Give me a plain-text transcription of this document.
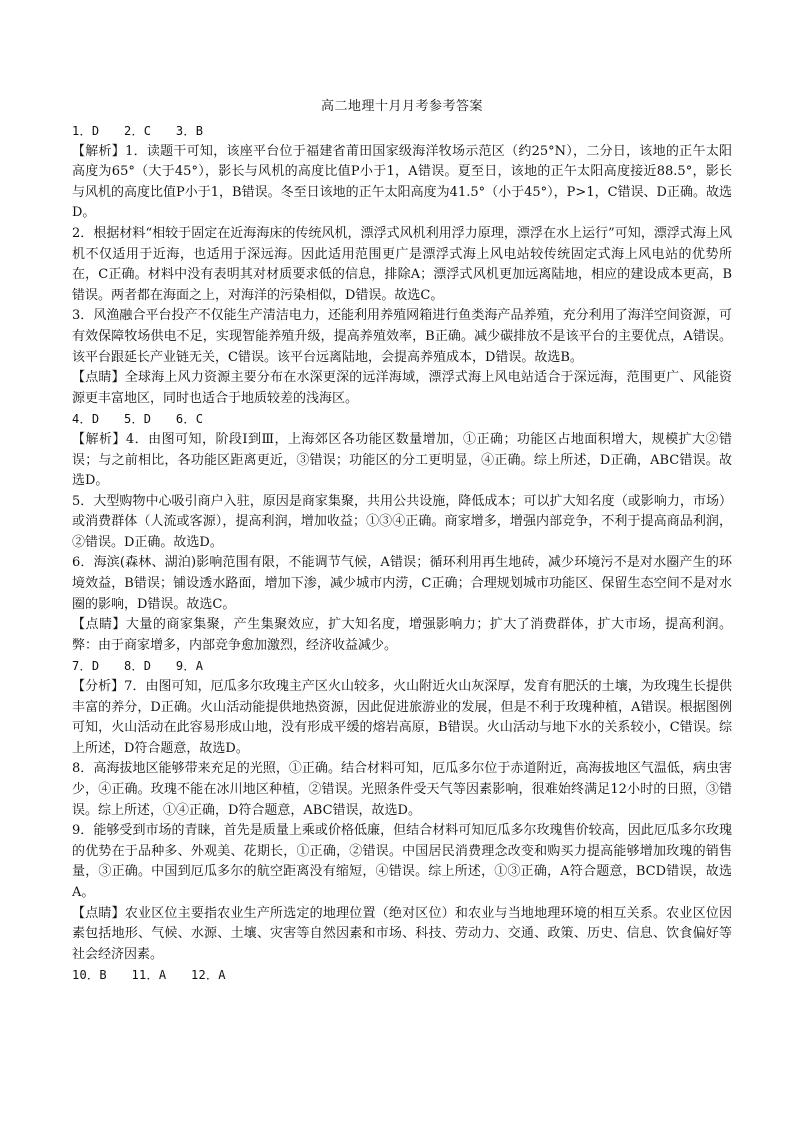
高二地理十月月考参考答案

1．D　　2．C　　3．B

【解析】1．读题干可知，该座平台位于福建省莆田国家级海洋牧场示范区（约25°N），二分日，该地的正午太阳高度为65°（大于45°），影长与风机的高度比值P小于1，A错误。夏至日，该地的正午太阳高度接近88.5°，影长与风机的高度比值P小于1，B错误。冬至日该地的正午太阳高度为41.5°（小于45°），P>1，C错误、D正确。故选D。

2．根据材料“相较于固定在近海海床的传统风机，漂浮式风机利用浮力原理，漂浮在水上运行”可知，漂浮式海上风机不仅适用于近海，也适用于深远海。因此适用范围更广是漂浮式海上风电站较传统固定式海上风电站的优势所在，C正确。材料中没有表明其对材质要求低的信息，排除A；漂浮式风机更加远离陆地，相应的建设成本更高，B错误。两者都在海面之上，对海洋的污染相似，D错误。故选C。

3．风渔融合平台投产不仅能生产清洁电力，还能利用养殖网箱进行鱼类海产品养殖，充分利用了海洋空间资源，可有效保障牧场供电不足，实现智能养殖升级，提高养殖效率，B正确。减少碳排放不是该平台的主要优点，A错误。该平台跟延长产业链无关，C错误。该平台远离陆地，会提高养殖成本，D错误。故选B。

【点睛】全球海上风力资源主要分布在水深更深的远洋海域，漂浮式海上风电站适合于深远海，范围更广、风能资源更丰富地区，同时也适合于地质较差的浅海区。

4．D　　5．D　　6．C

【解析】4．由图可知，阶段Ⅰ到Ⅲ，上海郊区各功能区数量增加，①正确；功能区占地面积增大，规模扩大②错误；与之前相比，各功能区距离更近，③错误；功能区的分工更明显，④正确。综上所述，D正确，ABC错误。故选D。

5．大型购物中心吸引商户入驻，原因是商家集聚，共用公共设施，降低成本；可以扩大知名度（或影响力，市场）或消费群体（人流或客源），提高利润，增加收益；①③④正确。商家增多，增强内部竞争，不利于提高商品利润，②错误。D正确。故选D。

6．海滨(森林、湖泊)影响范围有限，不能调节气候，A错误；循环利用再生地砖，减少环境污不是对水圈产生的环境效益，B错误；铺设透水路面，增加下渗，减少城市内涝，C正确；合理规划城市功能区、保留生态空间不是对水圈的影响，D错误。故选C。

【点睛】大量的商家集聚，产生集聚效应，扩大知名度，增强影响力；扩大了消费群体，扩大市场，提高利润。弊：由于商家增多，内部竞争愈加激烈，经济收益减少。

7．D　　8．D　　9．A

【分析】7．由图可知，厄瓜多尔玫瑰主产区火山较多，火山附近火山灰深厚，发育有肥沃的土壤，为玫瑰生长提供丰富的养分，D正确。火山活动能提供地热资源，因此促进旅游业的发展，但是不利于玫瑰种植，A错误。根据图例可知，火山活动在此容易形成山地，没有形成平缓的熔岩高原，B错误。火山活动与地下水的关系较小，C错误。综上所述，D符合题意，故选D。

8．高海拔地区能够带来充足的光照，①正确。结合材料可知，厄瓜多尔位于赤道附近，高海拔地区气温低，病虫害少，④正确。玫瑰不能在冰川地区种植，②错误。光照条件受天气等因素影响，很难始终满足12小时的日照，③错误。综上所述，①④正确，D符合题意，ABC错误，故选D。

9．能够受到市场的青睐，首先是质量上乘或价格低廉，但结合材料可知厄瓜多尔玫瑰售价较高，因此厄瓜多尔玫瑰的优势在于品种多、外观美、花期长，①正确，②错误。中国居民消费理念改变和购买力提高能够增加玫瑰的销售量，③正确。中国到厄瓜多尔的航空距离没有缩短，④错误。综上所述，①③正确，A符合题意，BCD错误，故选A。

【点睛】农业区位主要指农业生产所选定的地理位置（绝对区位）和农业与当地地理环境的相互关系。农业区位因素包括地形、气候、水源、土壤、灾害等自然因素和市场、科技、劳动力、交通、政策、历史、信息、饮食偏好等社会经济因素。

10．B　　11．A　　12．A
